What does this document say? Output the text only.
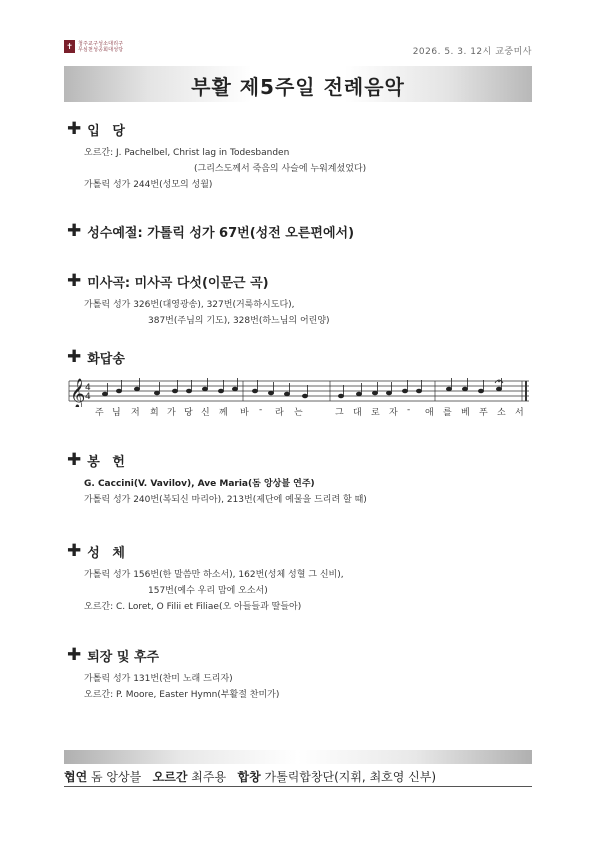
✝ 청주교구성소대리구
무심천성공회대성당	2026. 5. 3. 12시 교중미사
부활 제5주일 전례음악
✚ 입 당
오르간: J. Pachelbel, Christ lag in Todesbanden
(그리스도께서 죽음의 사슬에 누워계셨었다)
가톨릭 성가 244번(성모의 성월)
✚ 성수예절: 가톨릭 성가 67번(성전 오른편에서)
✚ 미사곡: 미사곡 다섯(이문근 곡)
가톨릭 성가 326번(대영광송), 327번(거룩하시도다),
387번(주님의 기도), 328번(하느님의 어린양)
✚ 화답송
𝄞 4
4
주 님 저 희 가 당 신 께 바 - 라 는	그 대 로 자 - 애 를 베 푸 소 서
✚ 봉 헌
G. Caccini(V. Vavilov), Ave Maria(돔 앙상블 연주)
가톨릭 성가 240번(복되신 마리아), 213번(제단에 예물을 드리려 할 때)
✚ 성 체
가톨릭 성가 156번(한 말씀만 하소서), 162번(성체 성혈 그 신비),
157번(예수 우리 맘에 오소서)
오르간: C. Loret, O Filii et Filiae(오 아들들과 딸들아)
✚ 퇴장 및 후주
가톨릭 성가 131번(찬미 노래 드리자)
오르간: P. Moore, Easter Hymn(부활절 찬미가)
협연 돔 앙상블 오르간 최주용 합창 가톨릭합창단(지휘, 최호영 신부)
